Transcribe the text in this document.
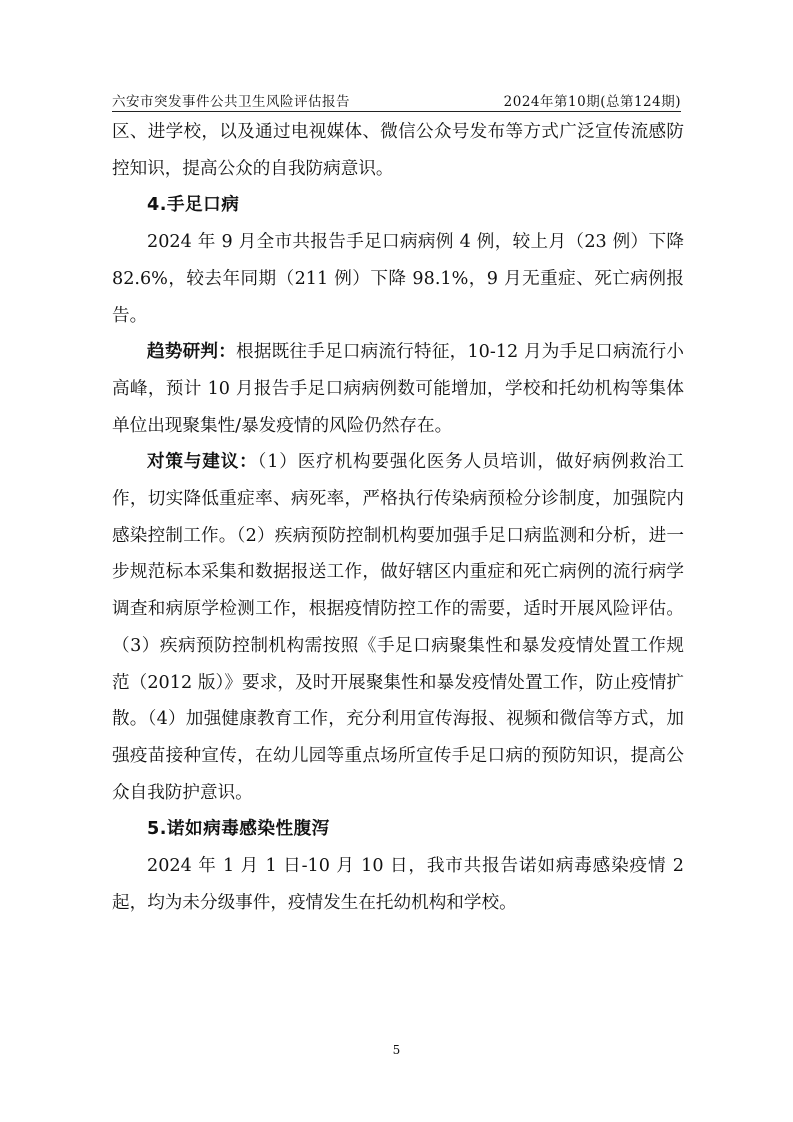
六安市突发事件公共卫生风险评估报告	2024年第10期(总第124期)

区、进学校，以及通过电视媒体、微信公众号发布等方式广泛宣传流感防控知识，提高公众的自我防病意识。

4.手足口病

2024 年 9 月全市共报告手足口病病例 4 例，较上月（23 例）下降 82.6%，较去年同期（211 例）下降 98.1%，9 月无重症、死亡病例报告。

趋势研判：根据既往手足口病流行特征，10-12 月为手足口病流行小高峰，预计 10 月报告手足口病病例数可能增加，学校和托幼机构等集体单位出现聚集性/暴发疫情的风险仍然存在。

对策与建议：（1）医疗机构要强化医务人员培训，做好病例救治工作，切实降低重症率、病死率，严格执行传染病预检分诊制度，加强院内感染控制工作。（2）疾病预防控制机构要加强手足口病监测和分析，进一步规范标本采集和数据报送工作，做好辖区内重症和死亡病例的流行病学调查和病原学检测工作，根据疫情防控工作的需要，适时开展风险评估。（3）疾病预防控制机构需按照《手足口病聚集性和暴发疫情处置工作规范（2012 版）》要求，及时开展聚集性和暴发疫情处置工作，防止疫情扩散。（4）加强健康教育工作，充分利用宣传海报、视频和微信等方式，加强疫苗接种宣传，在幼儿园等重点场所宣传手足口病的预防知识，提高公众自我防护意识。

5.诺如病毒感染性腹泻

2024 年 1 月 1 日-10 月 10 日，我市共报告诺如病毒感染疫情 2 起，均为未分级事件，疫情发生在托幼机构和学校。

5
